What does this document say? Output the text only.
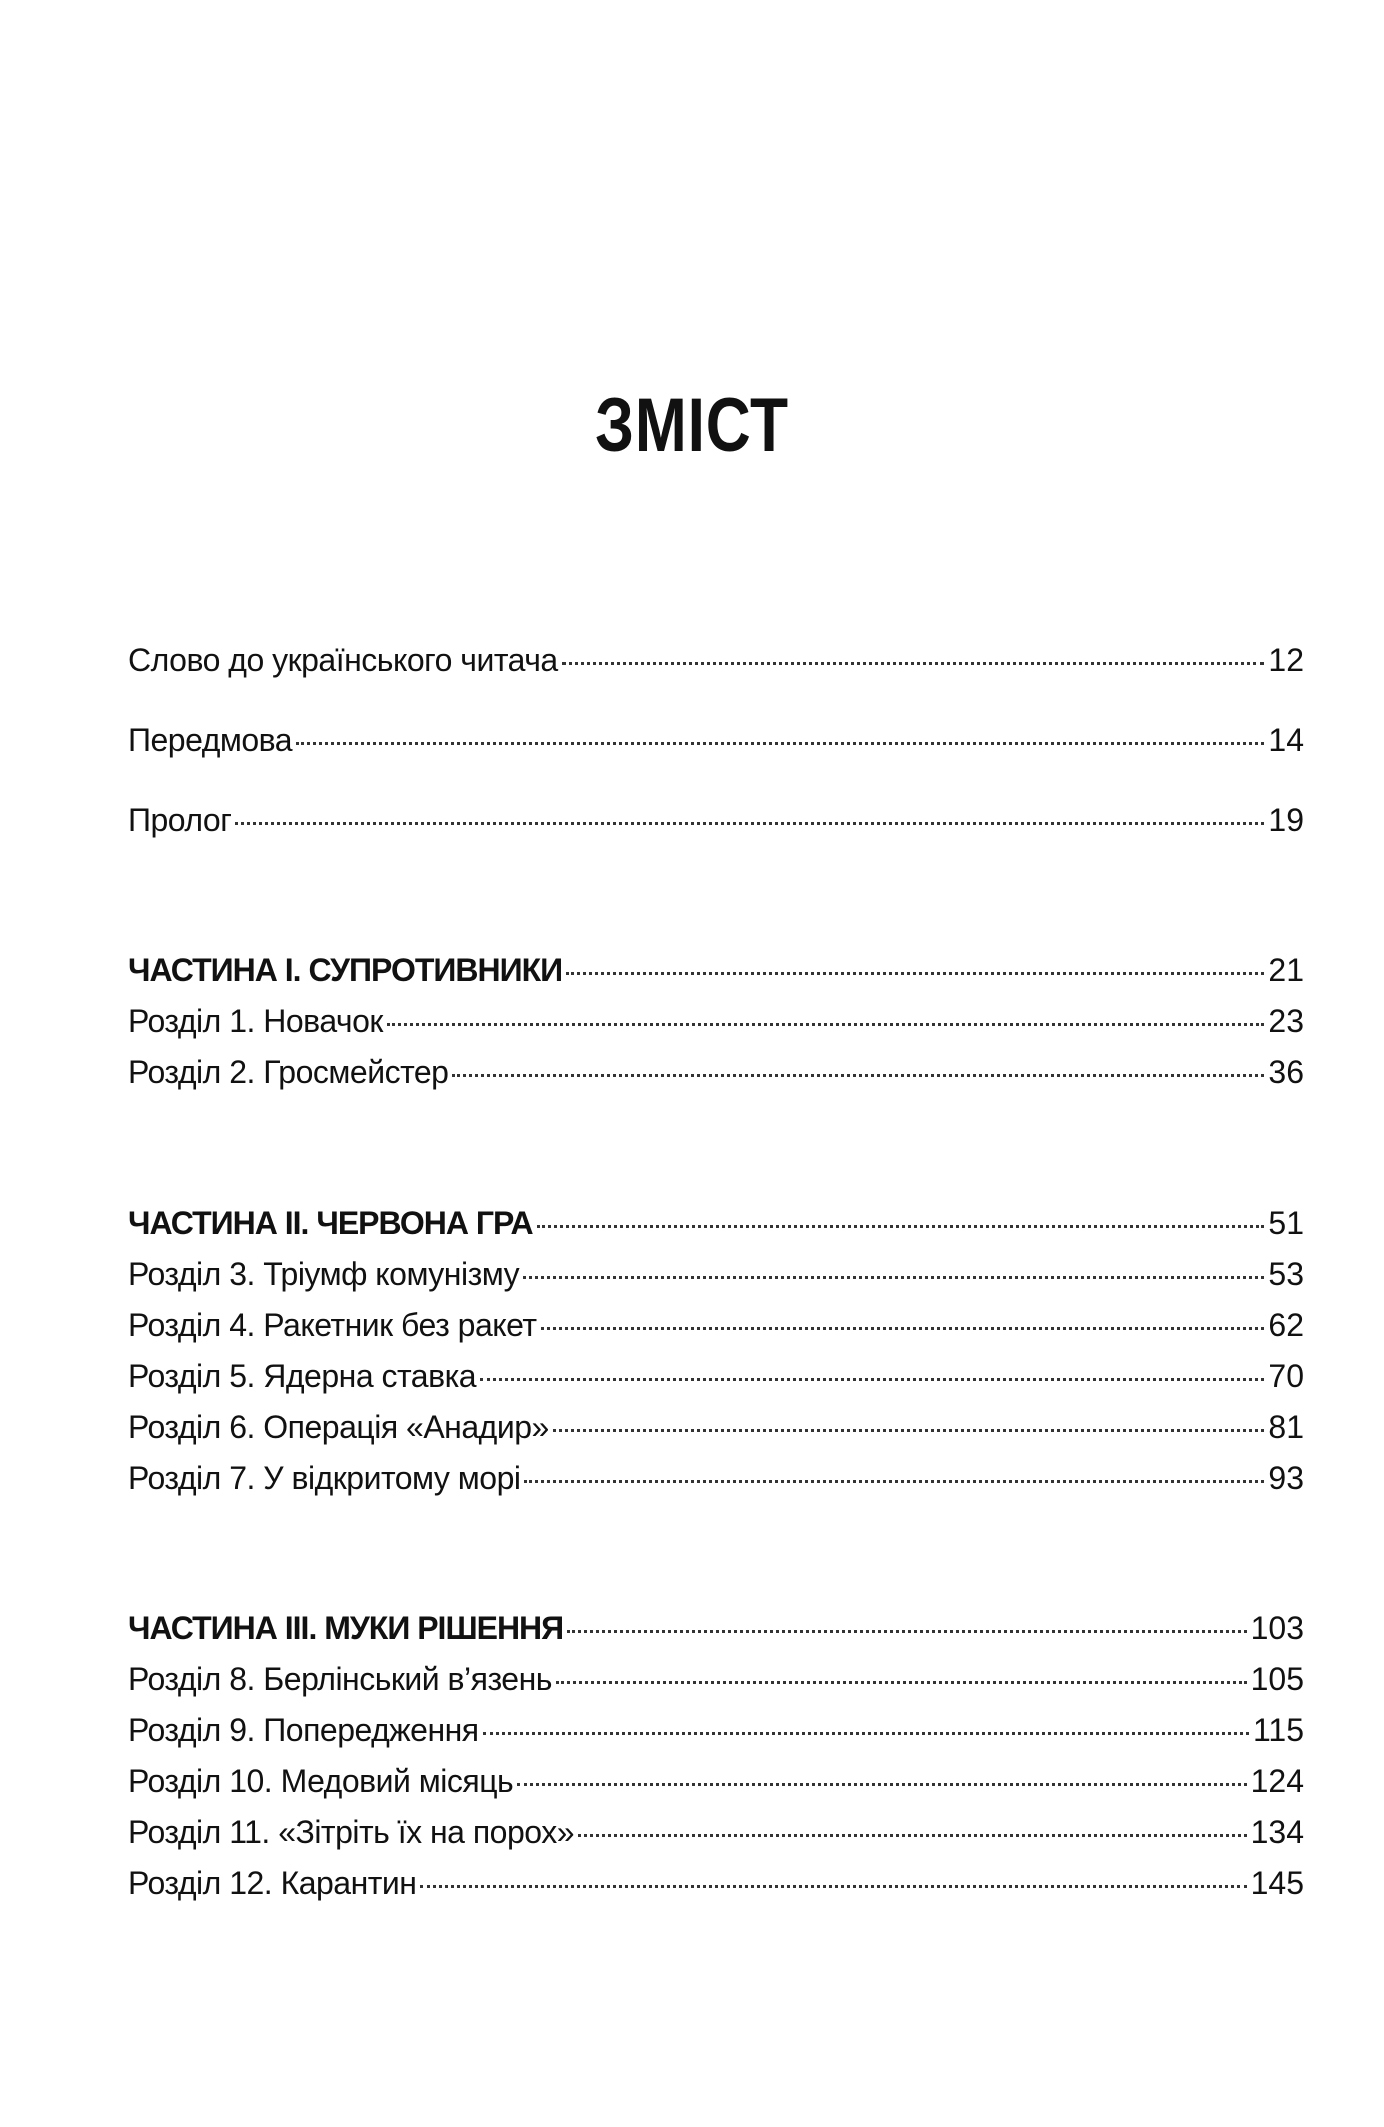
ЗМІСТ
Слово до українського читача	12
Передмова	14
Пролог	19
ЧАСТИНА І. СУПРОТИВНИКИ	21
Розділ 1. Новачок	23
Розділ 2. Гросмейстер	36
ЧАСТИНА ІІ. ЧЕРВОНА ГРА	51
Розділ 3. Тріумф комунізму	53
Розділ 4. Ракетник без ракет	62
Розділ 5. Ядерна ставка	70
Розділ 6. Операція «Анадир»	81
Розділ 7. У відкритому морі	93
ЧАСТИНА ІІІ. МУКИ РІШЕННЯ	103
Розділ 8. Берлінський в’язень	105
Розділ 9. Попередження	115
Розділ 10. Медовий місяць	124
Розділ 11. «Зітріть їх на порох»	134
Розділ 12. Карантин	145
